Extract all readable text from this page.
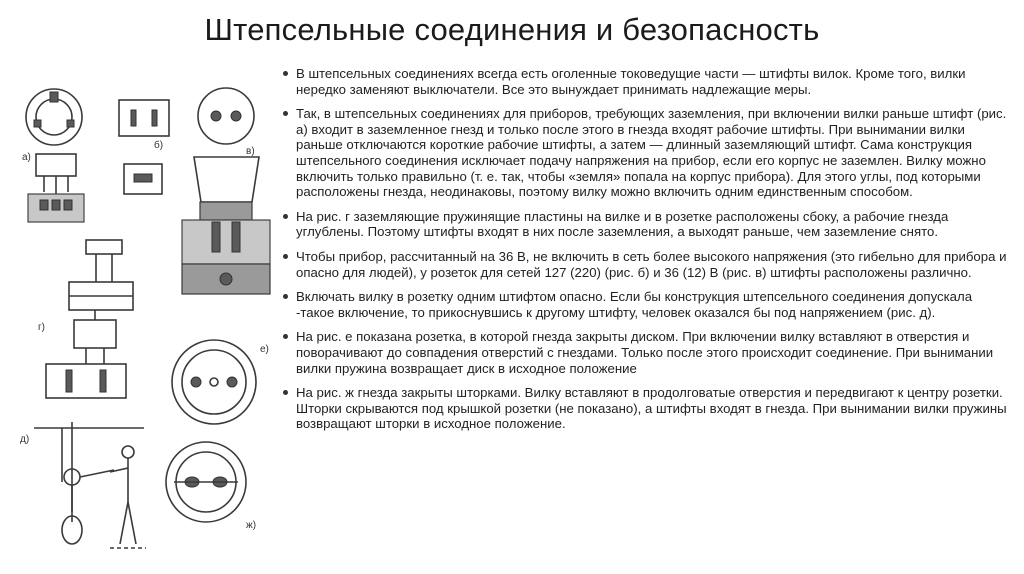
Штепсельные соединения и безопасность
б)
в)
а)
г)
е)
д)
ж)
В штепсельных соединениях всегда есть оголенные токоведущие части — штифты вилок. Кроме того, вилки нередко заменяют выключатели. Все это вынуждает принимать надлежащие меры.
Так, в штепсельных соединениях для приборов, требующих заземления, при включении вилки раньше штифт (рис. а) входит в заземленное гнезд и только после этого в гнезда входят рабочие штифты. При вынимании вилки раньше отключаются короткие рабочие штифты, а затем — длинный заземляющий штифт. Сама конструкция штепсельного соединения исключает подачу напряжения на прибор, если его корпус не заземлен. Вилку можно включить только правильно (т. е. так, чтобы «земля» попала на корпус прибора). Для этого углы, под которыми расположены гнезда, неодинаковы, поэтому вилку можно включить одним единственным способом.
На рис. г заземляющие пружинящие пластины на вилке и в розетке расположены сбоку, а рабочие гнезда углублены. Поэтому штифты входят в них после заземления, а выходят раньше, чем заземление снято.
Чтобы прибор, рассчитанный на 36 В, не включить в сеть более высокого напряжения (это гибельно для прибора и опасно для людей), у розеток для сетей 127 (220) (рис. б) и 36 (12) В (рис. в) штифты расположены различно.
Включать вилку в розетку одним штифтом опасно. Если бы конструкция штепсельного соединения допускала -такое включение, то прикоснувшись к другому штифту, человек оказался бы под напряжением (рис. д).
На рис. е показана розетка, в которой гнезда закрыты диском. При включении вилку вставляют в отверстия и поворачивают до совпадения отверстий с гнездами. Только после этого происходит соединение. При вынимании вилки пружина возвращает диск в исходное положение
На рис. ж гнезда закрыты шторками. Вилку вставляют в продолговатые отверстия и передвигают к центру розетки. Шторки скрываются под крышкой розетки (не показано), а штифты входят в гнезда. При вынимании вилки пружины возвращают шторки в исходное положение.
